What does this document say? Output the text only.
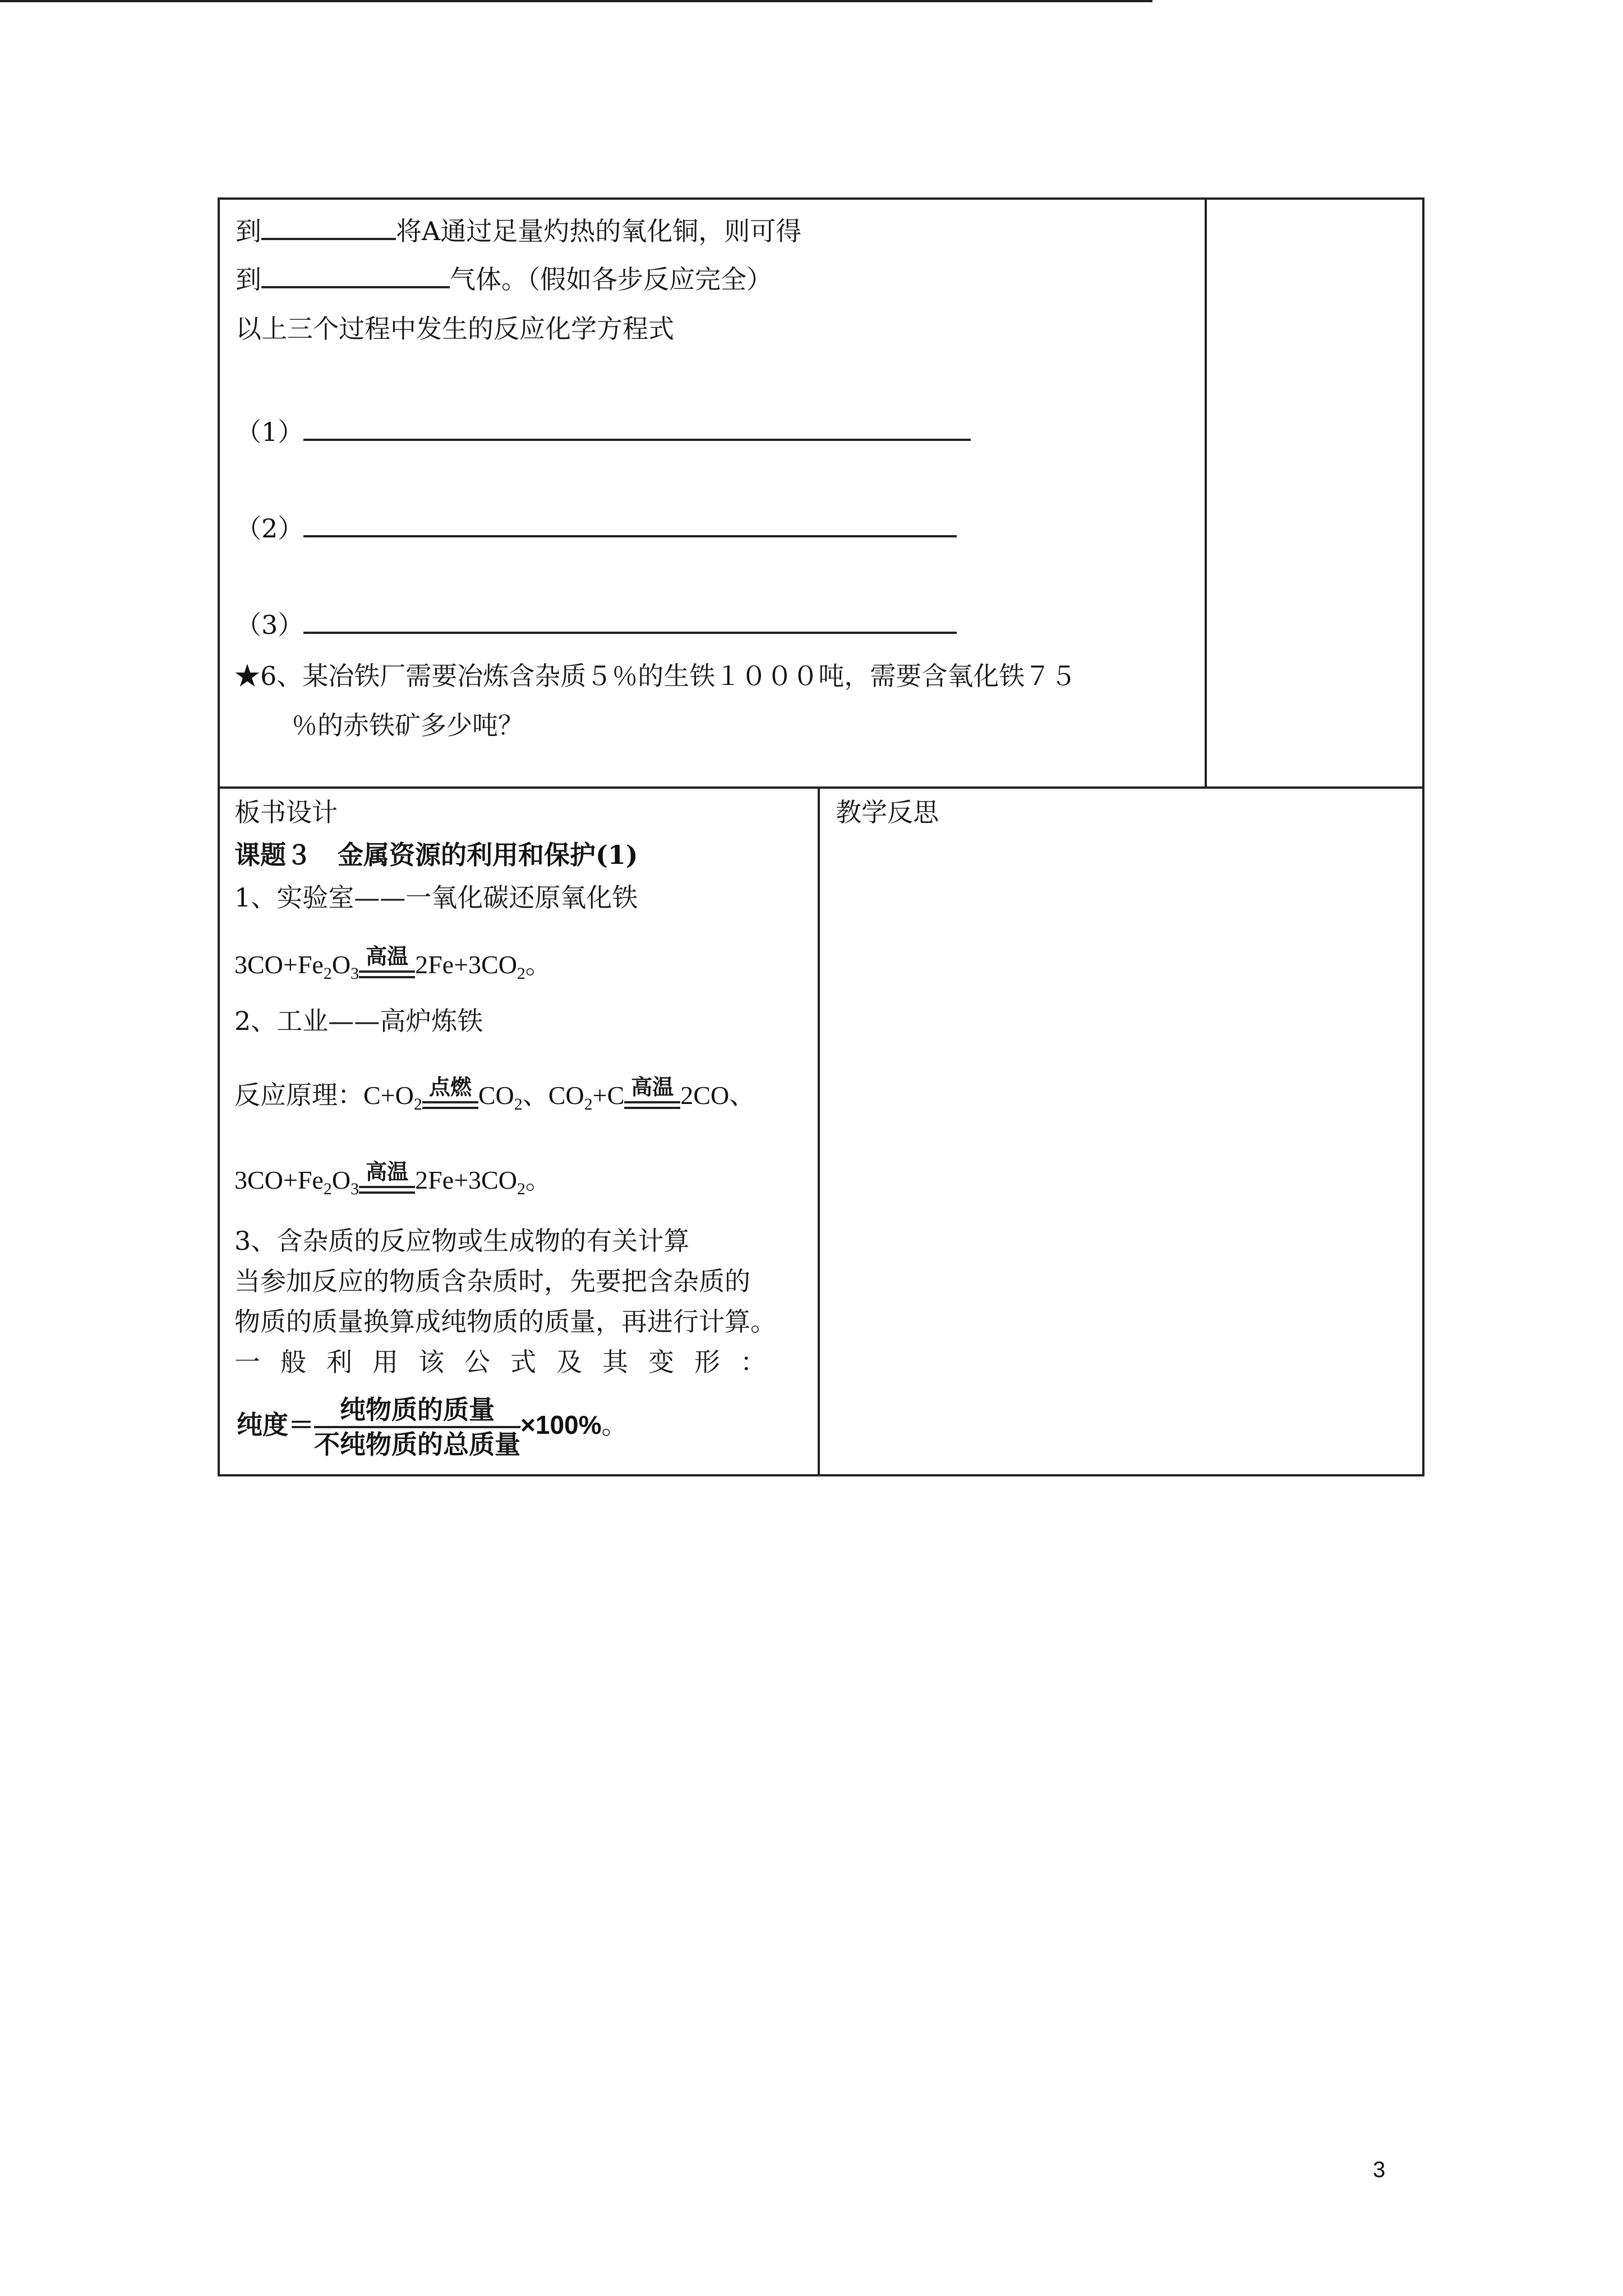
到	将A通过足量灼热的氧化铜，则可得
到	气体。（假如各步反应完全）
以上三个过程中发生的反应化学方程式
（1）
（2）
（3）
★6、某冶铁厂需要冶炼含杂质５％的生铁１０００吨，需要含氧化铁７５
％的赤铁矿多少吨？
板书设计
课题３　金属资源的利用和保护(1)
1、实验室——一氧化碳还原氧化铁
$3CO+Fe_2O_3$
高温 $2Fe+3CO_2$。
2、工业——高炉炼铁
反应原理：$C+O_2$
点燃 $CO_2$、$CO_2+C$ 高温 2CO、
$3CO+Fe_2O_3$
高温 $2Fe+3CO_2$。
3、含杂质的反应物或生成物的有关计算
当参加反应的物质含杂质时，先要把含杂质的
物质的质量换算成纯物质的质量，再进行计算。
一般利用该公式及其变形：
纯度＝ $\frac{\text{纯物质的质量}}{\text{不纯物质的总质量}} \times 100\%$。
教学反思
3
